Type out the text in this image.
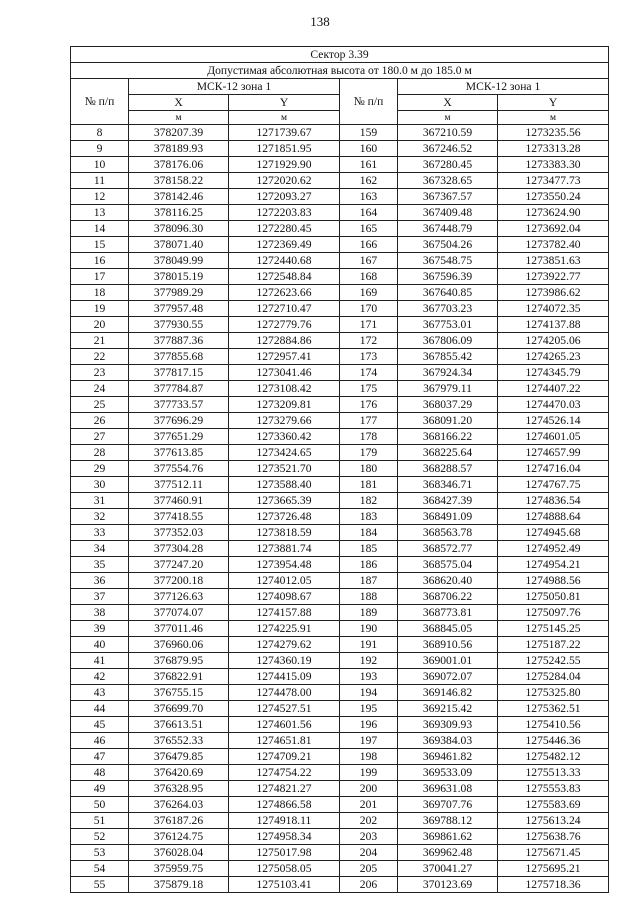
138
Сектор 3.39					
Допустимая абсолютная высота от 180.0 м до 185.0 м					
№ п/п	МСК-12 зона 1		№ п/п	МСК-12 зона 1	
	X	Y		X	Y
	м	м		м	м
8	378207.39	1271739.67	159	367210.59	1273235.56
9	378189.93	1271851.95	160	367246.52	1273313.28
10	378176.06	1271929.90	161	367280.45	1273383.30
11	378158.22	1272020.62	162	367328.65	1273477.73
12	378142.46	1272093.27	163	367367.57	1273550.24
13	378116.25	1272203.83	164	367409.48	1273624.90
14	378096.30	1272280.45	165	367448.79	1273692.04
15	378071.40	1272369.49	166	367504.26	1273782.40
16	378049.99	1272440.68	167	367548.75	1273851.63
17	378015.19	1272548.84	168	367596.39	1273922.77
18	377989.29	1272623.66	169	367640.85	1273986.62
19	377957.48	1272710.47	170	367703.23	1274072.35
20	377930.55	1272779.76	171	367753.01	1274137.88
21	377887.36	1272884.86	172	367806.09	1274205.06
22	377855.68	1272957.41	173	367855.42	1274265.23
23	377817.15	1273041.46	174	367924.34	1274345.79
24	377784.87	1273108.42	175	367979.11	1274407.22
25	377733.57	1273209.81	176	368037.29	1274470.03
26	377696.29	1273279.66	177	368091.20	1274526.14
27	377651.29	1273360.42	178	368166.22	1274601.05
28	377613.85	1273424.65	179	368225.64	1274657.99
29	377554.76	1273521.70	180	368288.57	1274716.04
30	377512.11	1273588.40	181	368346.71	1274767.75
31	377460.91	1273665.39	182	368427.39	1274836.54
32	377418.55	1273726.48	183	368491.09	1274888.64
33	377352.03	1273818.59	184	368563.78	1274945.68
34	377304.28	1273881.74	185	368572.77	1274952.49
35	377247.20	1273954.48	186	368575.04	1274954.21
36	377200.18	1274012.05	187	368620.40	1274988.56
37	377126.63	1274098.67	188	368706.22	1275050.81
38	377074.07	1274157.88	189	368773.81	1275097.76
39	377011.46	1274225.91	190	368845.05	1275145.25
40	376960.06	1274279.62	191	368910.56	1275187.22
41	376879.95	1274360.19	192	369001.01	1275242.55
42	376822.91	1274415.09	193	369072.07	1275284.04
43	376755.15	1274478.00	194	369146.82	1275325.80
44	376699.70	1274527.51	195	369215.42	1275362.51
45	376613.51	1274601.56	196	369309.93	1275410.56
46	376552.33	1274651.81	197	369384.03	1275446.36
47	376479.85	1274709.21	198	369461.82	1275482.12
48	376420.69	1274754.22	199	369533.09	1275513.33
49	376328.95	1274821.27	200	369631.08	1275553.83
50	376264.03	1274866.58	201	369707.76	1275583.69
51	376187.26	1274918.11	202	369788.12	1275613.24
52	376124.75	1274958.34	203	369861.62	1275638.76
53	376028.04	1275017.98	204	369962.48	1275671.45
54	375959.75	1275058.05	205	370041.27	1275695.21
55	375879.18	1275103.41	206	370123.69	1275718.36
